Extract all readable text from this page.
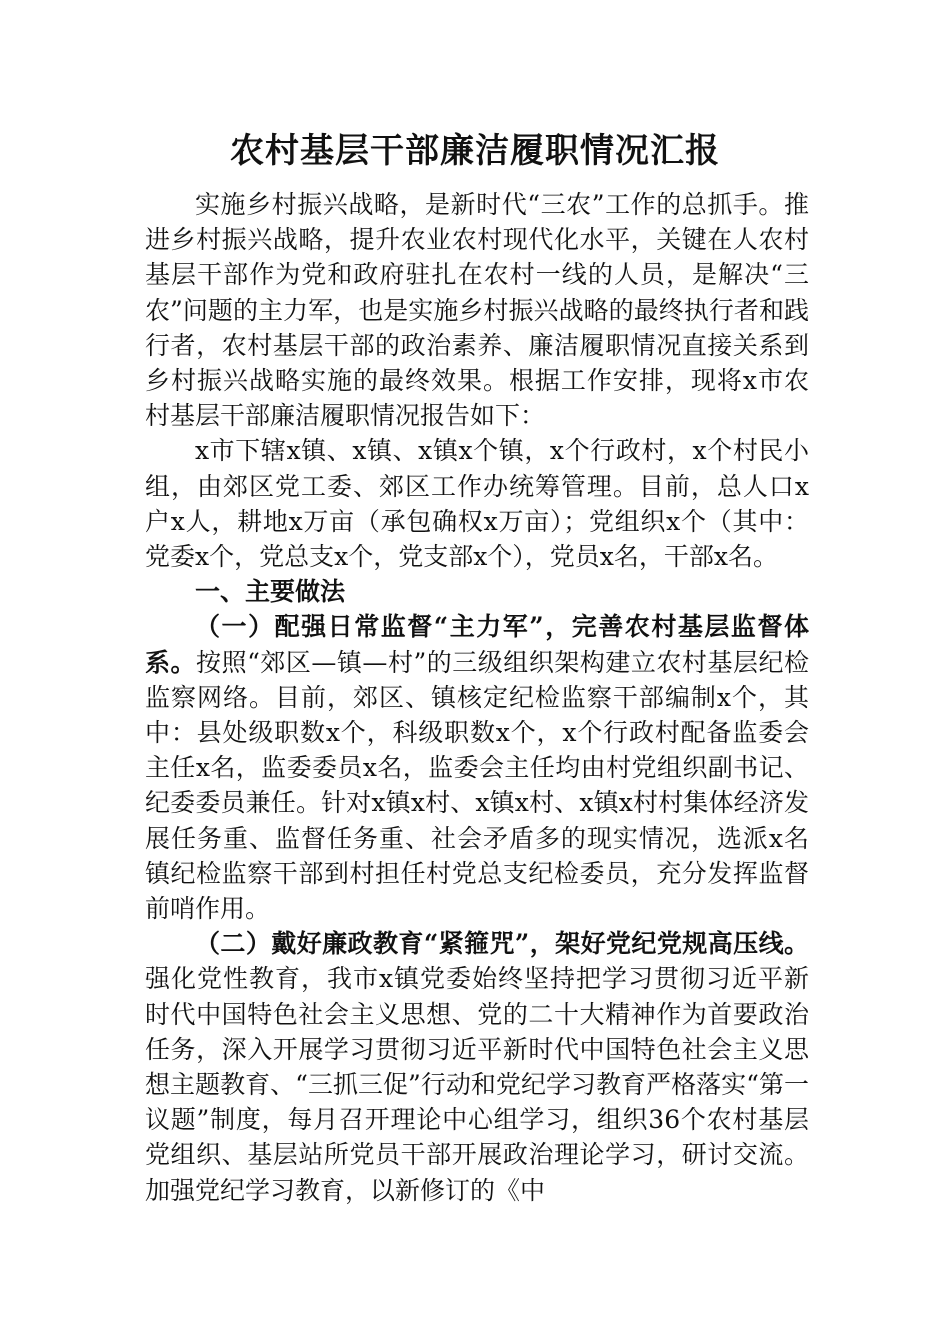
农村基层干部廉洁履职情况汇报

实施乡村振兴战略，是新时代“三农”工作的总抓手。推进乡村振兴战略，提升农业农村现代化水平，关键在人农村基层干部作为党和政府驻扎在农村一线的人员，是解决“三农”问题的主力军，也是实施乡村振兴战略的最终执行者和践行者，农村基层干部的政治素养、廉洁履职情况直接关系到乡村振兴战略实施的最终效果。根据工作安排，现将x市农村基层干部廉洁履职情况报告如下：

x市下辖x镇、x镇、x镇x个镇，x个行政村，x个村民小组，由郊区党工委、郊区工作办统筹管理。目前，总人口x户x人，耕地x万亩（承包确权x万亩）；党组织x个（其中：党委x个，党总支x个，党支部x个），党员x名，干部x名。

一、主要做法

（一）配强日常监督“主力军”，完善农村基层监督体系。按照“郊区—镇—村”的三级组织架构建立农村基层纪检监察网络。目前，郊区、镇核定纪检监察干部编制x个，其中：县处级职数x个，科级职数x个，x个行政村配备监委会主任x名，监委委员x名，监委会主任均由村党组织副书记、纪委委员兼任。针对x镇x村、x镇x村、x镇x村村集体经济发展任务重、监督任务重、社会矛盾多的现实情况，选派x名镇纪检监察干部到村担任村党总支纪检委员，充分发挥监督前哨作用。

（二）戴好廉政教育“紧箍咒”，架好党纪党规高压线。强化党性教育，我市x镇党委始终坚持把学习贯彻习近平新时代中国特色社会主义思想、党的二十大精神作为首要政治任务，深入开展学习贯彻习近平新时代中国特色社会主义思想主题教育、“三抓三促”行动和党纪学习教育严格落实“第一议题”制度，每月召开理论中心组学习，组织36个农村基层党组织、基层站所党员干部开展政治理论学习，研讨交流。加强党纪学习教育，以新修订的《中
